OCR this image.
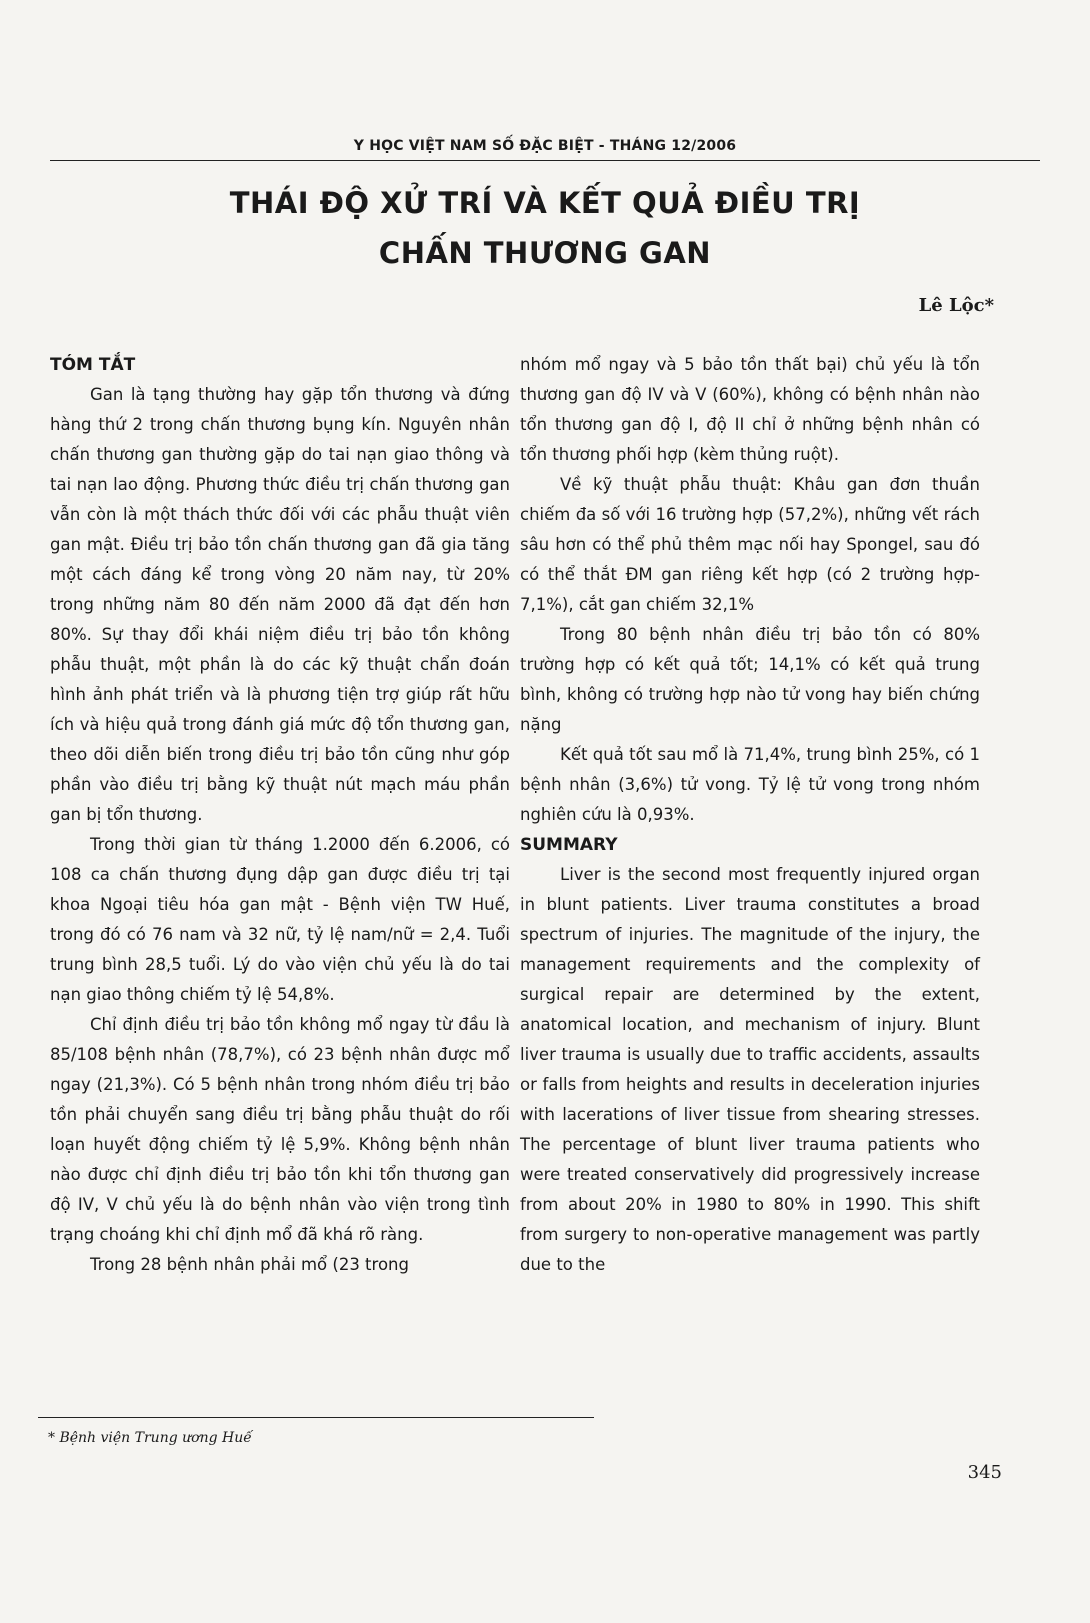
Y HỌC VIỆT NAM SỐ ĐẶC BIỆT - THÁNG 12/2006
THÁI ĐỘ XỬ TRÍ VÀ KẾT QUẢ ĐIỀU TRỊ
CHẤN THƯƠNG GAN
Lê Lộc*

TÓM TẮT

Gan là tạng thường hay gặp tổn thương và đứng hàng thứ 2 trong chấn thương bụng kín. Nguyên nhân chấn thương gan thường gặp do tai nạn giao thông và tai nạn lao động. Phương thức điều trị chấn thương gan vẫn còn là một thách thức đối với các phẫu thuật viên gan mật. Điều trị bảo tồn chấn thương gan đã gia tăng một cách đáng kể trong vòng 20 năm nay, từ 20% trong những năm 80 đến năm 2000 đã đạt đến hơn 80%. Sự thay đổi khái niệm điều trị bảo tồn không phẫu thuật, một phần là do các kỹ thuật chẩn đoán hình ảnh phát triển và là phương tiện trợ giúp rất hữu ích và hiệu quả trong đánh giá mức độ tổn thương gan, theo dõi diễn biến trong điều trị bảo tồn cũng như góp phần vào điều trị bằng kỹ thuật nút mạch máu phần gan bị tổn thương.

Trong thời gian từ tháng 1.2000 đến 6.2006, có 108 ca chấn thương đụng dập gan được điều trị tại khoa Ngoại tiêu hóa gan mật - Bệnh viện TW Huế, trong đó có 76 nam và 32 nữ, tỷ lệ nam/nữ = 2,4. Tuổi trung bình 28,5 tuổi. Lý do vào viện chủ yếu là do tai nạn giao thông chiếm tỷ lệ 54,8%.

Chỉ định điều trị bảo tồn không mổ ngay từ đầu là 85/108 bệnh nhân (78,7%), có 23 bệnh nhân được mổ ngay (21,3%). Có 5 bệnh nhân trong nhóm điều trị bảo tồn phải chuyển sang điều trị bằng phẫu thuật do rối loạn huyết động chiếm tỷ lệ 5,9%. Không bệnh nhân nào được chỉ định điều trị bảo tồn khi tổn thương gan độ IV, V chủ yếu là do bệnh nhân vào viện trong tình trạng choáng khi chỉ định mổ đã khá rõ ràng.

Trong 28 bệnh nhân phải mổ (23 trong

nhóm mổ ngay và 5 bảo tồn thất bại) chủ yếu là tổn thương gan độ IV và V (60%), không có bệnh nhân nào tổn thương gan độ I, độ II chỉ ở những bệnh nhân có tổn thương phối hợp (kèm thủng ruột).

Về kỹ thuật phẫu thuật: Khâu gan đơn thuần chiếm đa số với 16 trường hợp (57,2%), những vết rách sâu hơn có thể phủ thêm mạc nối hay Spongel, sau đó có thể thắt ĐM gan riêng kết hợp (có 2 trường hợp-7,1%), cắt gan chiếm 32,1%

Trong 80 bệnh nhân điều trị bảo tồn có 80% trường hợp có kết quả tốt; 14,1% có kết quả trung bình, không có trường hợp nào tử vong hay biến chứng nặng

Kết quả tốt sau mổ là 71,4%, trung bình 25%, có 1 bệnh nhân (3,6%) tử vong. Tỷ lệ tử vong trong nhóm nghiên cứu là 0,93%.

SUMMARY

Liver is the second most frequently injured organ in blunt patients. Liver trauma constitutes a broad spectrum of injuries. The magnitude of the injury, the management requirements and the complexity of surgical repair are determined by the extent, anatomical location, and mechanism of injury. Blunt liver trauma is usually due to traffic accidents, assaults or falls from heights and results in deceleration injuries with lacerations of liver tissue from shearing stresses. The percentage of blunt liver trauma patients who were treated conservatively did progressively increase from about 20% in 1980 to 80% in 1990. This shift from surgery to non-operative management was partly due to the

* Bệnh viện Trung ương Huế
345
